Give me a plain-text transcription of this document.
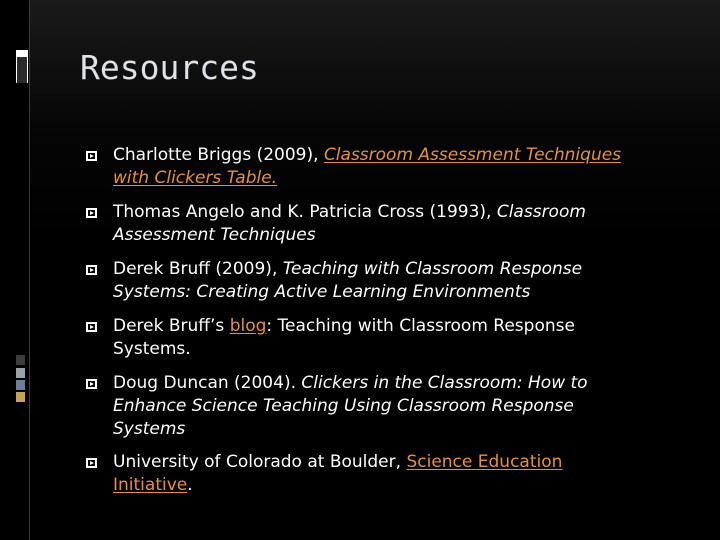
Resources
Charlotte Briggs (2009), Classroom Assessment Techniques
with Clickers Table.
Thomas Angelo and K. Patricia Cross (1993), Classroom
Assessment Techniques
Derek Bruff (2009), Teaching with Classroom Response
Systems: Creating Active Learning Environments
Derek Bruff’s blog: Teaching with Classroom Response
Systems.
Doug Duncan (2004). Clickers in the Classroom: How to
Enhance Science Teaching Using Classroom Response
Systems
University of Colorado at Boulder, Science Education
Initiative.
